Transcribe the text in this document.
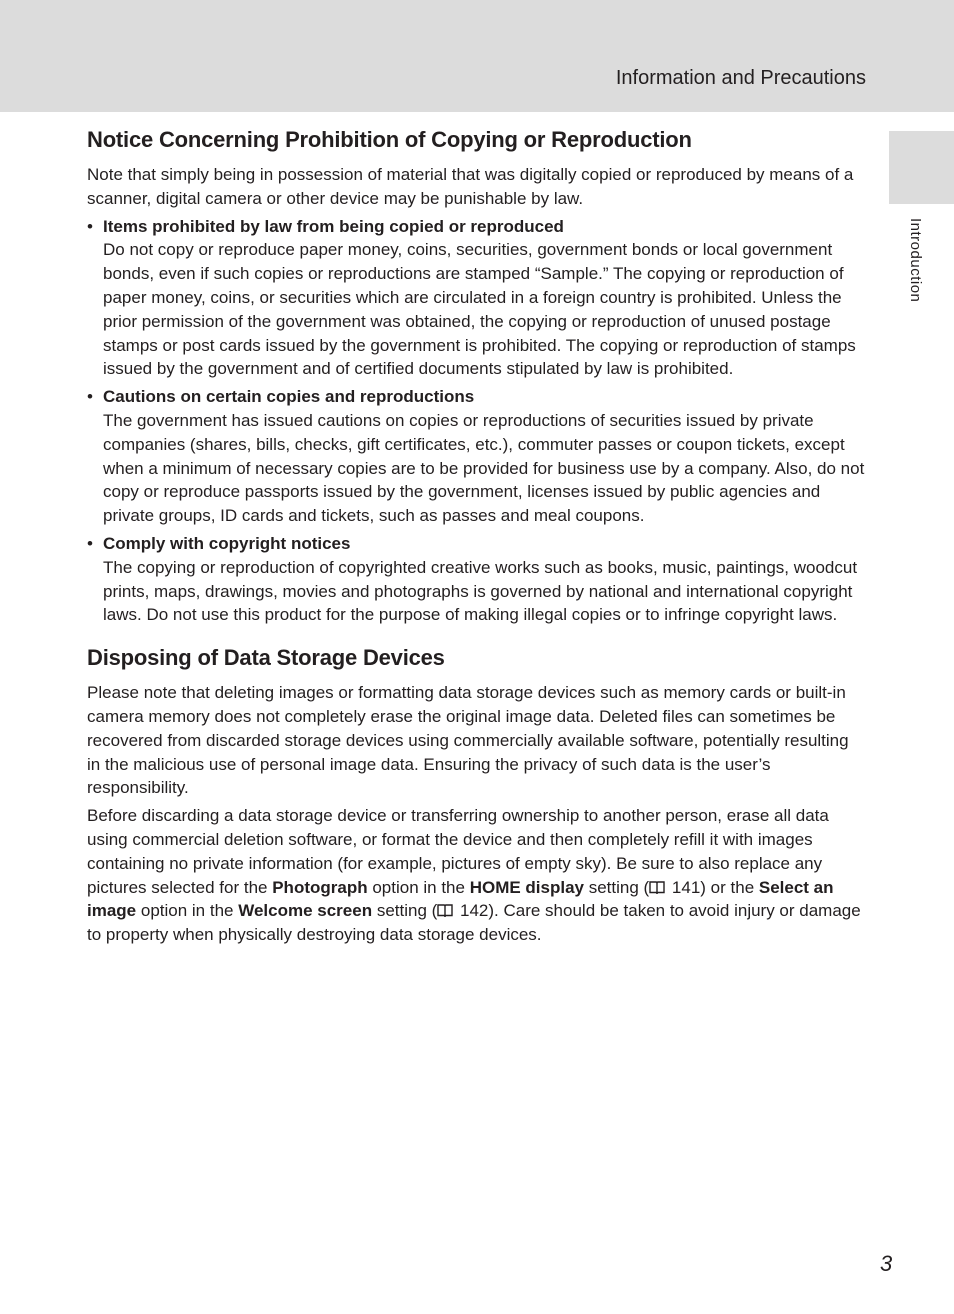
Information and Precautions
Introduction
Notice Concerning Prohibition of Copying or Reproduction

Note that simply being in possession of material that was digitally copied or reproduced by means of a scanner, digital camera or other device may be punishable by law.

• Items prohibited by law from being copied or reproduced

Do not copy or reproduce paper money, coins, securities, government bonds or local government bonds, even if such copies or reproductions are stamped “Sample.” The copying or reproduction of paper money, coins, or securities which are circulated in a foreign country is prohibited. Unless the prior permission of the government was obtained, the copying or reproduction of unused postage stamps or post cards issued by the government is prohibited. The copying or reproduction of stamps issued by the government and of certified documents stipulated by law is prohibited.

• Cautions on certain copies and reproductions

The government has issued cautions on copies or reproductions of securities issued by private companies (shares, bills, checks, gift certificates, etc.), commuter passes or coupon tickets, except when a minimum of necessary copies are to be provided for business use by a company. Also, do not copy or reproduce passports issued by the government, licenses issued by public agencies and private groups, ID cards and tickets, such as passes and meal coupons.

• Comply with copyright notices

The copying or reproduction of copyrighted creative works such as books, music, paintings, woodcut prints, maps, drawings, movies and photographs is governed by national and international copyright laws. Do not use this product for the purpose of making illegal copies or to infringe copyright laws.

Disposing of Data Storage Devices

Please note that deleting images or formatting data storage devices such as memory cards or built-in camera memory does not completely erase the original image data. Deleted files can sometimes be recovered from discarded storage devices using commercially available software, potentially resulting in the malicious use of personal image data. Ensuring the privacy of such data is the user’s responsibility.

Before discarding a data storage device or transferring ownership to another person, erase all data using commercial deletion software, or format the device and then completely refill it with images containing no private information (for example, pictures of empty sky). Be sure to also replace any pictures selected for the Photograph option in the HOME display setting ( 141) or the Select an image option in the Welcome screen setting ( 142). Care should be taken to avoid injury or damage to property when physically destroying data storage devices.

3
